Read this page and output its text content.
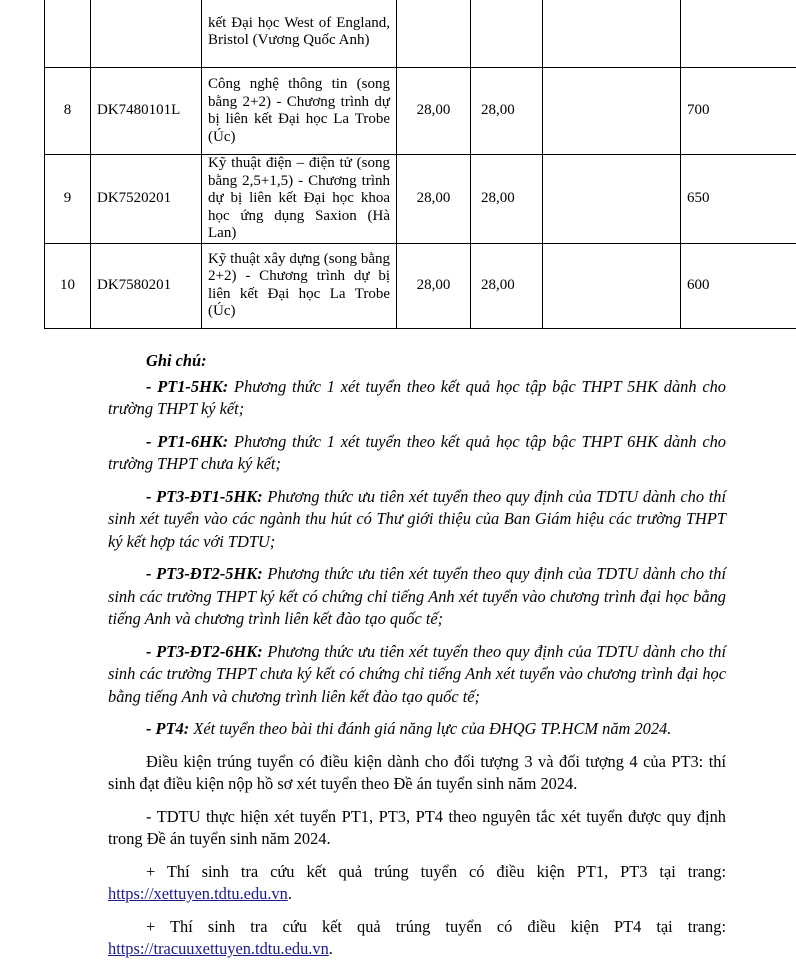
		kết Đại học West of England, Bristol (Vương Quốc Anh)				
8	DK7480101L	Công nghệ thông tin (song bằng 2+2) - Chương trình dự bị liên kết Đại học La Trobe (Úc)	28,00	28,00		700
9	DK7520201	Kỹ thuật điện – điện tử (song bằng 2,5+1,5) - Chương trình dự bị liên kết Đại học khoa học ứng dụng Saxion (Hà Lan)	28,00	28,00		650
10	DK7580201	Kỹ thuật xây dựng (song bằng 2+2) - Chương trình dự bị liên kết Đại học La Trobe (Úc)	28,00	28,00		600

Ghi chú:

- PT1-5HK: Phương thức 1 xét tuyển theo kết quả học tập bậc THPT 5HK dành cho trường THPT ký kết;

- PT1-6HK: Phương thức 1 xét tuyển theo kết quả học tập bậc THPT 6HK dành cho trường THPT chưa ký kết;

- PT3-ĐT1-5HK: Phương thức ưu tiên xét tuyển theo quy định của TDTU dành cho thí sinh xét tuyển vào các ngành thu hút có Thư giới thiệu của Ban Giám hiệu các trường THPT ký kết hợp tác với TDTU;

- PT3-ĐT2-5HK: Phương thức ưu tiên xét tuyển theo quy định của TDTU dành cho thí sinh các trường THPT ký kết có chứng chỉ tiếng Anh xét tuyển vào chương trình đại học bằng tiếng Anh và chương trình liên kết đào tạo quốc tế;

- PT3-ĐT2-6HK: Phương thức ưu tiên xét tuyển theo quy định của TDTU dành cho thí sinh các trường THPT chưa ký kết có chứng chỉ tiếng Anh xét tuyển vào chương trình đại học bằng tiếng Anh và chương trình liên kết đào tạo quốc tế;

- PT4: Xét tuyển theo bài thi đánh giá năng lực của ĐHQG TP.HCM năm 2024.

Điều kiện trúng tuyển có điều kiện dành cho đối tượng 3 và đối tượng 4 của PT3: thí sinh đạt điều kiện nộp hồ sơ xét tuyển theo Đề án tuyển sinh năm 2024.

- TDTU thực hiện xét tuyển PT1, PT3, PT4 theo nguyên tắc xét tuyển được quy định trong Đề án tuyển sinh năm 2024.

+ Thí sinh tra cứu kết quả trúng tuyển có điều kiện PT1, PT3 tại trang: https://xettuyen.tdtu.edu.vn.

+ Thí sinh tra cứu kết quả trúng tuyển có điều kiện PT4 tại trang: https://tracuuxettuyen.tdtu.edu.vn.
